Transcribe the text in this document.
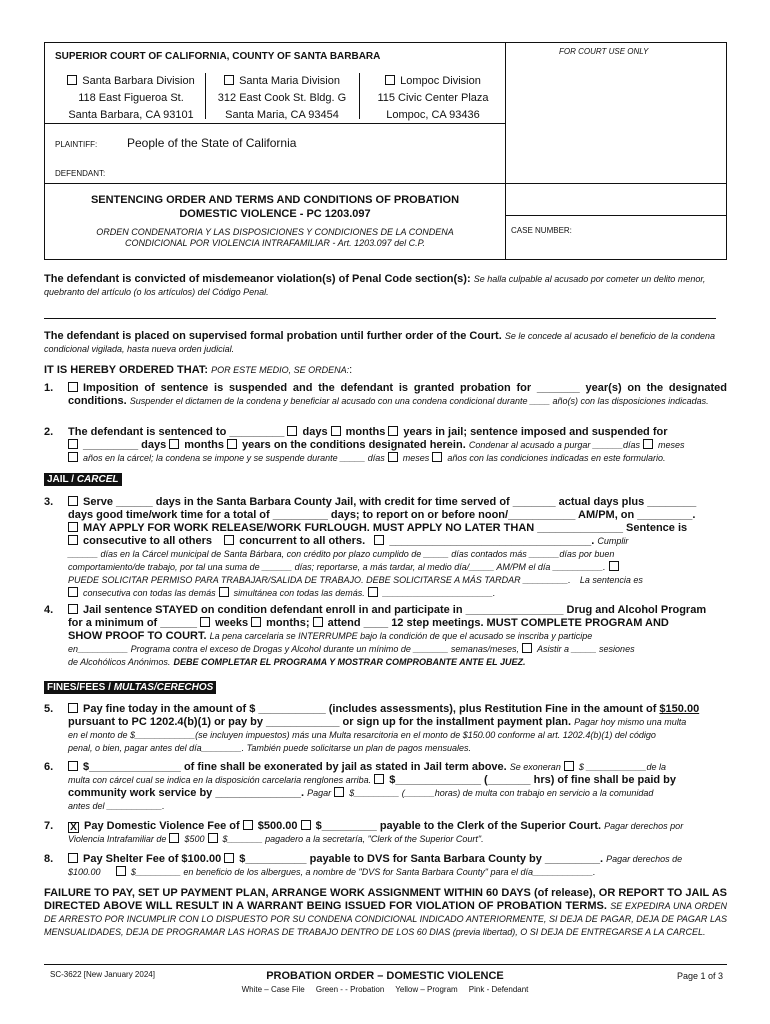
SUPERIOR COURT OF CALIFORNIA, COUNTY OF SANTA BARBARA	FOR COURT USE ONLY
Santa Barbara Division
118 East Figueroa St.
Santa Barbara, CA 93101
Santa Maria Division
312 East Cook St. Bldg. G
Santa Maria, CA 93454
Lompoc Division
115 Civic Center Plaza
Lompoc, CA 93436
PLAINTIFF: People of the State of California
DEFENDANT:
SENTENCING ORDER AND TERMS AND CONDITIONS OF PROBATION
DOMESTIC VIOLENCE - PC 1203.097
ORDEN CONDENATORIA Y LAS DISPOSICIONES Y CONDICIONES DE LA CONDENA
CONDICIONAL POR VIOLENCIA INTRAFAMILIAR - Art. 1203.097 del C.P.
CASE NUMBER:
The defendant is convicted of misdemeanor violation(s) of Penal Code section(s): Se halla culpable al acusado por cometer un delito menor, quebranto del artículo (o los artículos) del Código Penal.
The defendant is placed on supervised formal probation until further order of the Court. Se le concede al acusado el beneficio de la condena condicional vigilada, hasta nueva orden judicial.
IT IS HEREBY ORDERED THAT: POR ESTE MEDIO, SE ORDENA::
1.	Imposition of sentence is suspended and the defendant is granted probation for _______ year(s) on the designated conditions. Suspender el dictamen de la condena y beneficiar al acusado con una condena condicional durante ____ año(s) con las disposiciones indicadas.
2. The defendant is sentenced to _________ days months years in jail; sentence imposed and suspended for
_________ days months years on the conditions designated herein. Condenar al acusado a purgar ______días meses
años en la cárcel; la condena se impone y se suspende durante _____ días meses años con las condiciones indicadas en este formulario.
JAIL / CARCEL
3.	Serve ______ days in the Santa Barbara County Jail, with credit for time served of _______ actual days plus ________
days good time/work time for a total of _________ days; to report on or before noon/___________ AM/PM, on _________.
MAY APPLY FOR WORK RELEASE/WORK FURLOUGH. MUST APPLY NO LATER THAN ______________ Sentence is
consecutive to all others concurrent to all others. _________________________________. Cumplir
______ días en la Cárcel municipal de Santa Bárbara, con crédito por plazo cumplido de _____ días contados más ______días por buen
comportamiento/de trabajo, por tal una suma de ______ días; reportarse, a más tardar, al medio día/_____ AM/PM el día __________.
PUEDE SOLICITAR PERMISO PARA TRABAJAR/SALIDA DE TRABAJO. DEBE SOLICITARSE A MÁS TARDAR _________. La sentencia es
consecutiva con todas las demás simultánea con todas las demás. ______________________.
4.	Jail sentence STAYED on condition defendant enroll in and participate in ________________ Drug and Alcohol Program
for a minimum of ______ weeks months; attend ____ 12 step meetings. MUST COMPLETE PROGRAM AND
SHOW PROOF TO COURT. La pena carcelaria se INTERRUMPE bajo la condición de que el acusado se inscriba y participe
en__________ Programa contra el exceso de Drogas y Alcohol durante un mínimo de _______ semanas/meses, Asistir a _____ sesiones
de Alcohólicos Anónimos. DEBE COMPLETAR EL PROGRAMA Y MOSTRAR COMPROBANTE ANTE EL JUEZ.
FINES/FEES / MULTAS/CERECHOS
5.	Pay fine today in the amount of $ ___________ (includes assessments), plus Restitution Fine in the amount of $150.00
pursuant to PC 1202.4(b)(1) or pay by ____________ or sign up for the installment payment plan. Pagar hoy mismo una multa
en el monto de $____________(se incluyen impuestos) más una Multa resarcitoria en el monto de $150.00 conforme al art. 1202.4(b)(1) del código
penal, o bien, pagar antes del día________. También puede solicitarse un plan de pagos mensuales.
6.	$_______________ of fine shall be exonerated by jail as stated in Jail term above. Se exoneran $ ____________de la
multa con cárcel cual se indica en la disposición carcelaria renglones arriba. $______________ (_______ hrs) of fine shall be paid by
community work service by ______________. Pagar $_________ (______horas) de multa con trabajo en servicio a la comunidad
antes del ___________.
7. X Pay Domestic Violence Fee of $500.00 $_________ payable to the Clerk of the Superior Court. Pagar derechos por
Violencia Intrafamiliar de $500 $_______ pagadero a la secretaría, "Clerk of the Superior Court".
8.	Pay Shelter Fee of $100.00 $__________ payable to DVS for Santa Barbara County by _________. Pagar derechos de
$100.00	$_________ en beneficio de los albergues, a nombre de "DVS for Santa Barbara County" para el día____________.
FAILURE TO PAY, SET UP PAYMENT PLAN, ARRANGE WORK ASSIGNMENT WITHIN 60 DAYS (of release), OR REPORT TO JAIL AS DIRECTED ABOVE WILL RESULT IN A WARRANT BEING ISSUED FOR VIOLATION OF PROBATION TERMS. SE EXPEDIRA UNA ORDEN DE ARRESTO POR INCUMPLIR CON LO DISPUESTO POR SU CONDENA CONDICIONAL INDICADO ANTERIORMENTE, SI DEJA DE PAGAR, DEJA DE PAGAR LAS MENSUALIDADES, DEJA DE PROGRAMAR LAS HORAS DE TRABAJO DENTRO DE LOS 60 DIAS (previa libertad), O SI DEJA DE ENTREGARSE A LA CARCEL.
SC-3622 [New January 2024]	PROBATION ORDER – DOMESTIC VIOLENCE	Page 1 of 3
White – Case File     Green - - Probation     Yellow – Program     Pink - Defendant
